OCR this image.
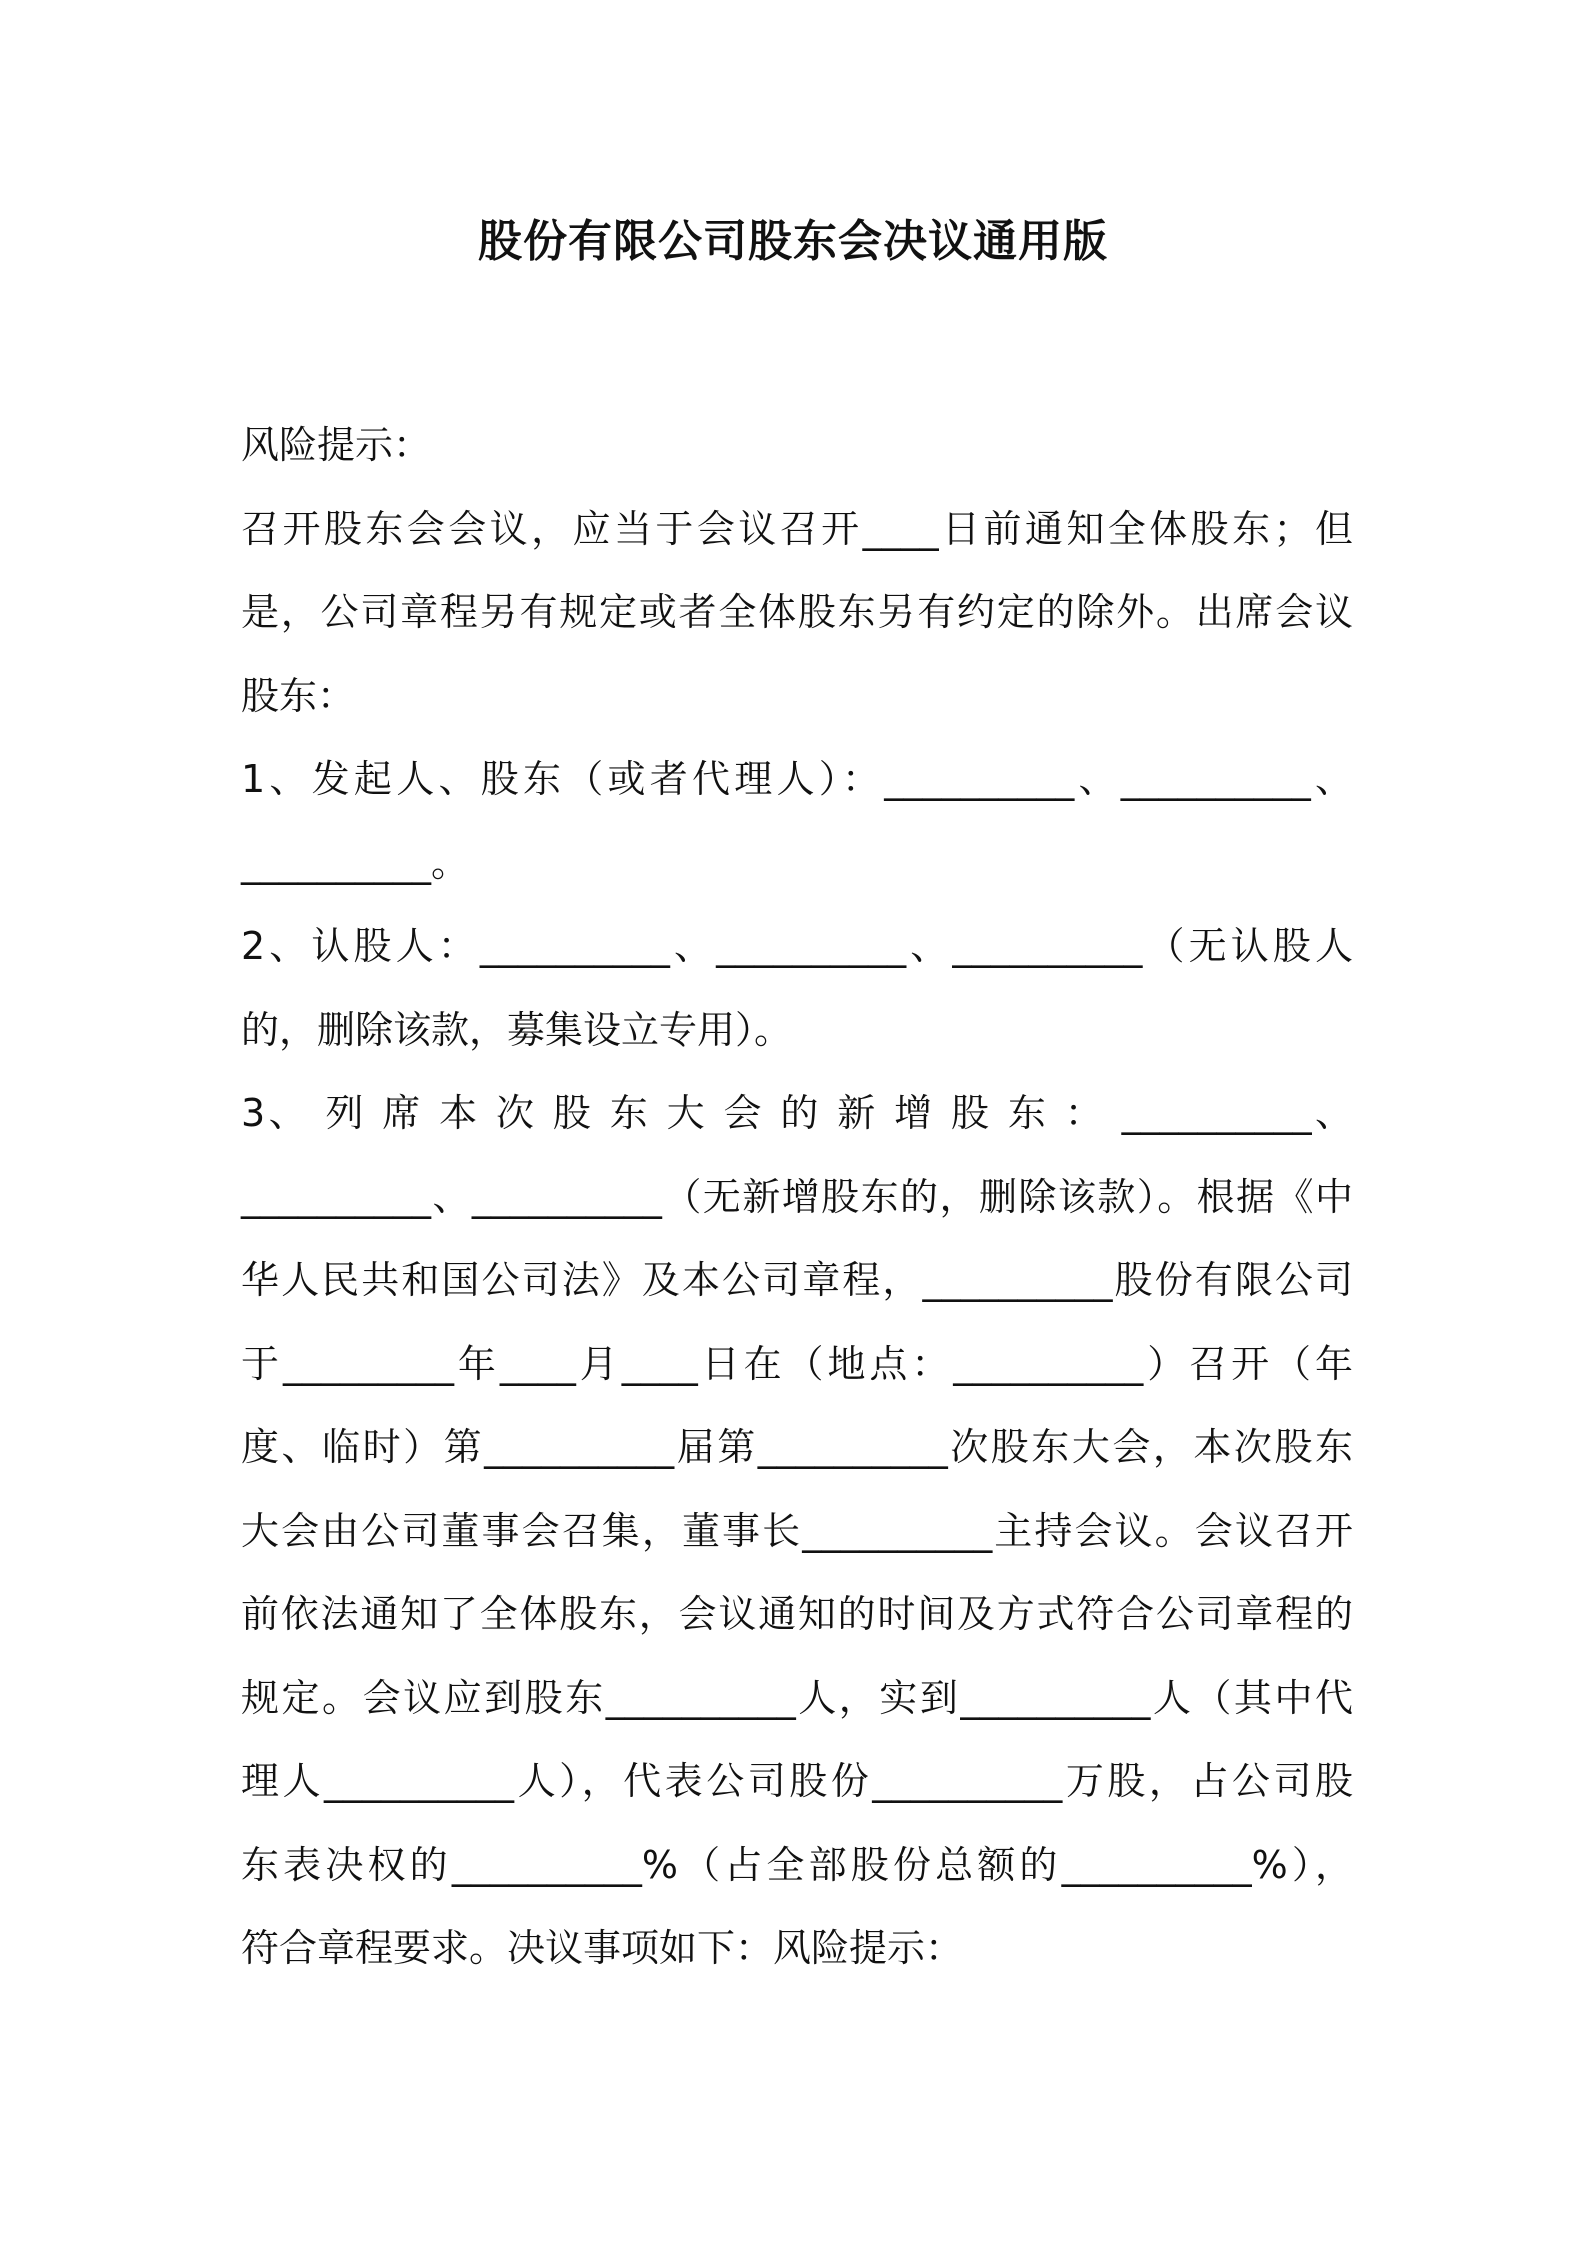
股份有限公司股东会决议通用版
风险提示：
召开股东会会议，应当于会议召开____日前通知全体股东；但
是，公司章程另有规定或者全体股东另有约定的除外。出席会议
股东：
1、发起人、股东（或者代理人）：__________、__________、
__________。
2、认股人：__________、__________、__________（无认股人
的，删除该款，募集设立专用）。
3、 列 席 本 次 股 东 大 会 的 新 增 股 东 ： __________、
__________、__________（无新增股东的，删除该款）。根据《中
华人民共和国公司法》及本公司章程，__________股份有限公司
于_________年____月____日在（地点：__________）召开（年
度、临时）第__________届第__________次股东大会，本次股东
大会由公司董事会召集，董事长__________主持会议。会议召开
前依法通知了全体股东，会议通知的时间及方式符合公司章程的
规定。会议应到股东__________人，实到__________人（其中代
理人__________人），代表公司股份__________万股，占公司股
东表决权的__________%（占全部股份总额的__________%），
符合章程要求。决议事项如下：风险提示：
